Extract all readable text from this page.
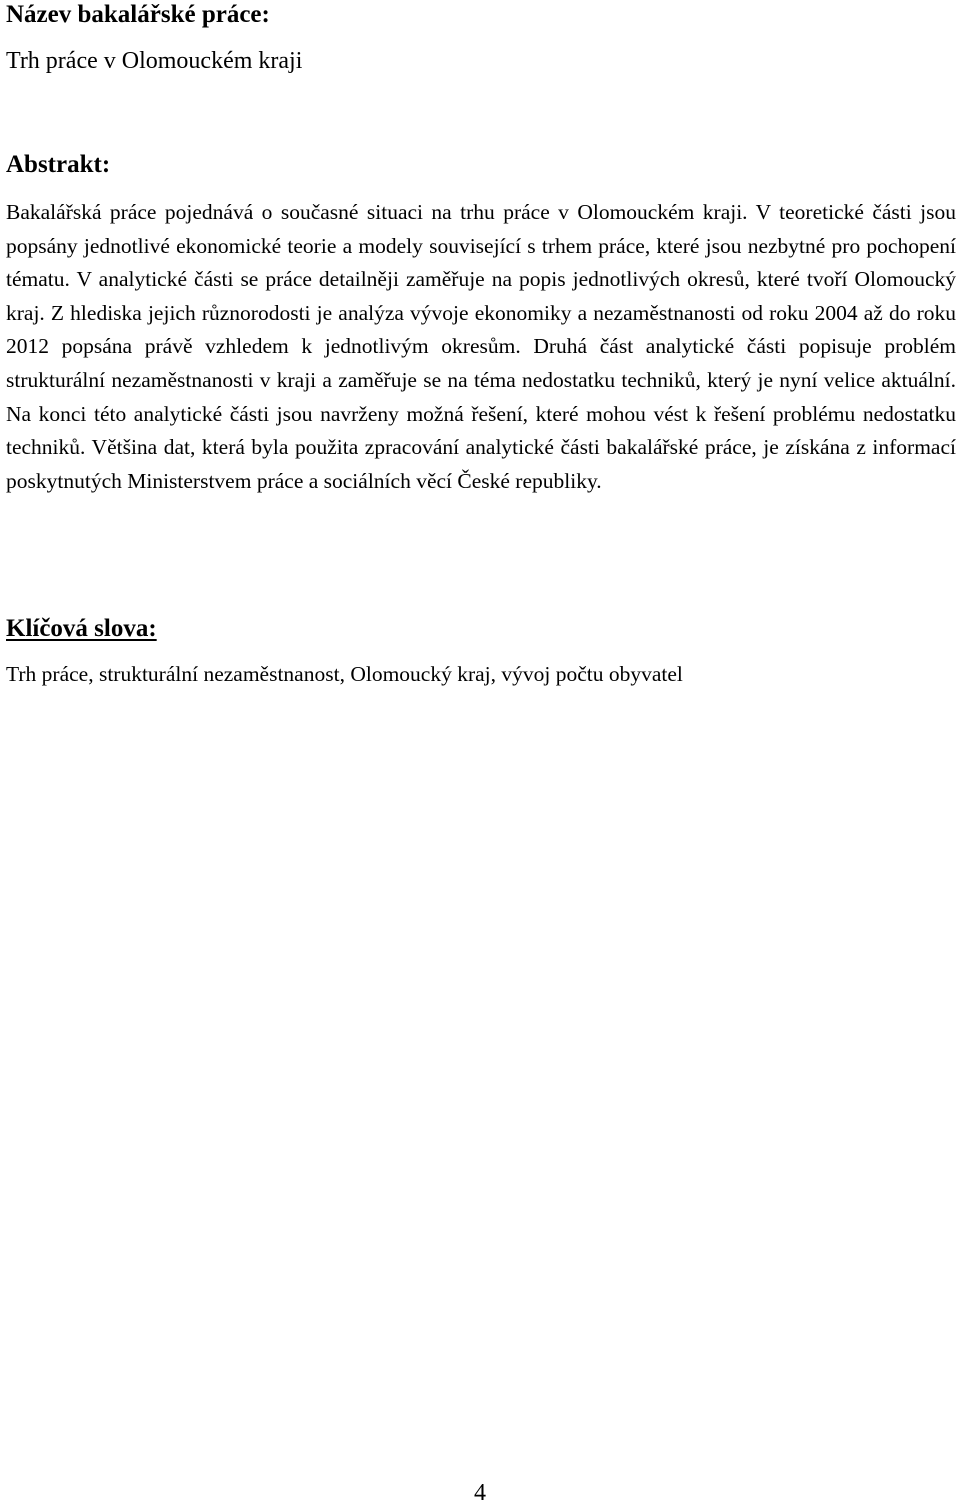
Název bakalářské práce:

Trh práce v Olomouckém kraji

Abstrakt:

Bakalářská práce pojednává o současné situaci na trhu práce v Olomouckém kraji. V teoretické části jsou popsány jednotlivé ekonomické teorie a modely související s trhem práce, které jsou nezbytné pro pochopení tématu. V analytické části se práce detailněji zaměřuje na popis jednotlivých okresů, které tvoří Olomoucký kraj. Z hlediska jejich různorodosti je analýza vývoje ekonomiky a nezaměstnanosti od roku 2004 až do roku 2012 popsána právě vzhledem k jednotlivým okresům. Druhá část analytické části popisuje problém strukturální nezaměstnanosti v kraji a zaměřuje se na téma nedostatku techniků, který je nyní velice aktuální. Na konci této analytické části jsou navrženy možná řešení, které mohou vést k řešení problému nedostatku techniků. Většina dat, která byla použita zpracování analytické části bakalářské práce, je získána z informací poskytnutých Ministerstvem práce a sociálních věcí České republiky.

Klíčová slova:

Trh práce, strukturální nezaměstnanost, Olomoucký kraj, vývoj počtu obyvatel

4
